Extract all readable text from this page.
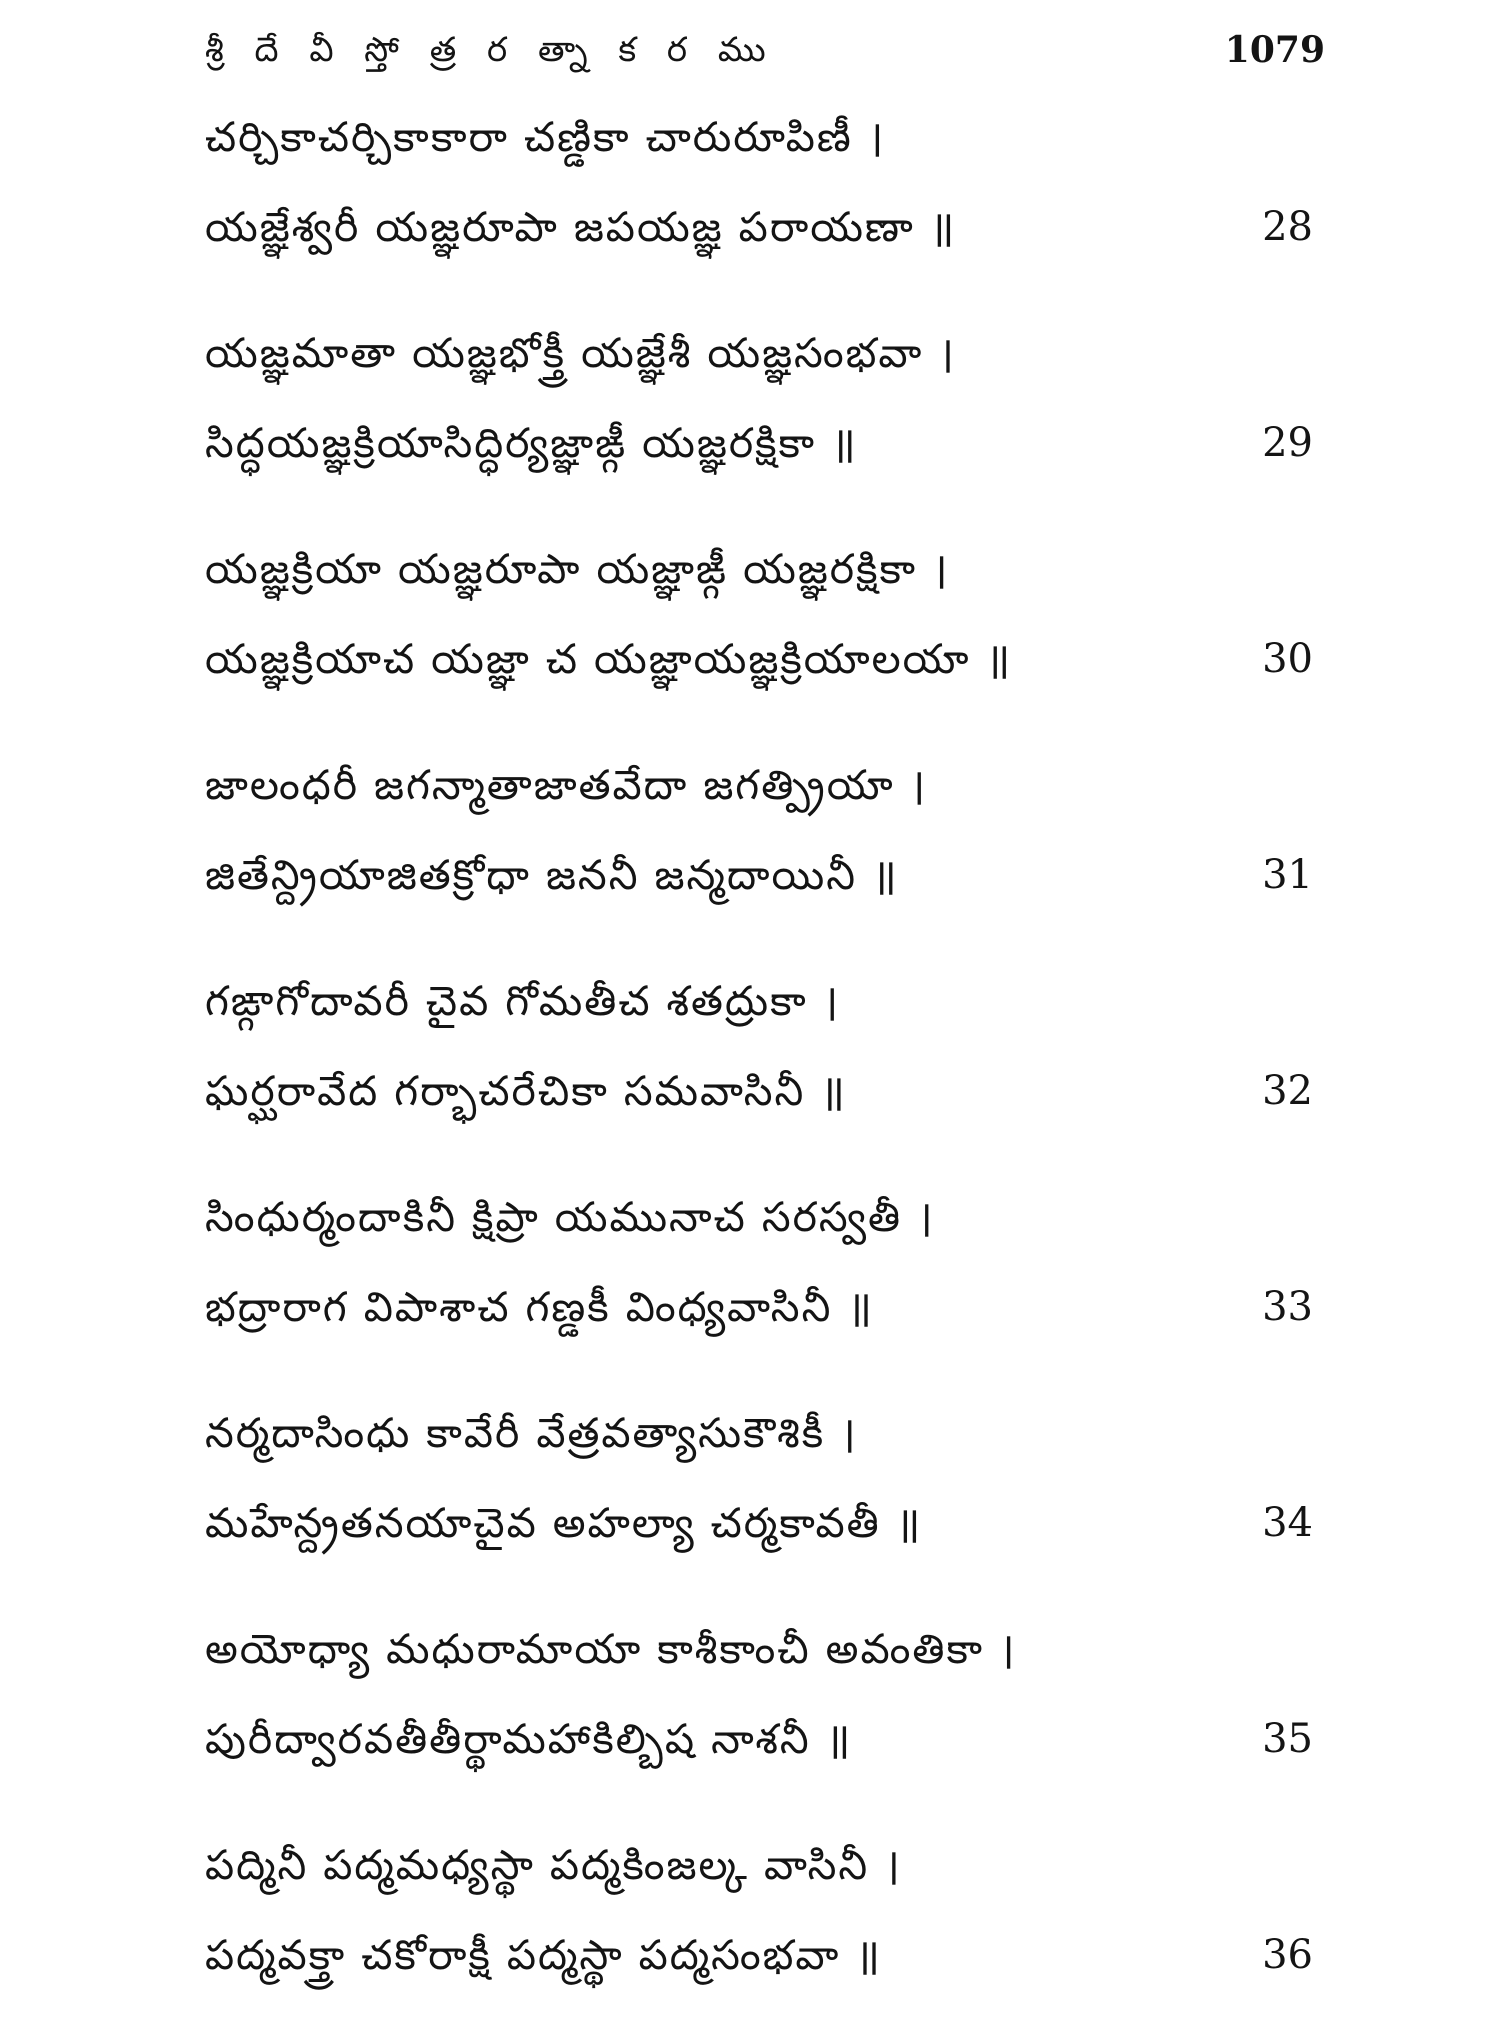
శ్రీ దే వీ స్తో త్ర ర త్నా క ర ము	1079
చర్చికాచర్చికాకారా చణ్డికా చారురూపిణీ ।
యజ్ఞేశ్వరీ యజ్ఞరూపా జపయజ్ఞ పరాయణా ॥	28
యజ్ఞమాతా యజ్ఞభోక్త్రీ యజ్ఞేశీ యజ్ఞసంభవా ।
సిద్ధయజ్ఞక్రియాసిద్ధిర్యజ్ఞాఙ్గీ యజ్ఞరక్షికా ॥	29
యజ్ఞక్రియా యజ్ఞరూపా యజ్ఞాఙ్గీ యజ్ఞరక్షికా ।
యజ్ఞక్రియాచ యజ్ఞా చ యజ్ఞాయజ్ఞక్రియాలయా ॥	30
జాలంధరీ జగన్మాతాజాతవేదా జగత్ప్రియా ।
జితేన్ద్రియాజితక్రోధా జననీ జన్మదాయినీ ॥	31
గఙ్గాగోదావరీ చైవ గోమతీచ శతద్రుకా ।
ఘర్ఘరావేద గర్భాచరేచికా సమవాసినీ ॥	32
సింధుర్మందాకినీ క్షిప్రా యమునాచ సరస్వతీ ।
భద్రారాగ విపాశాచ గణ్డకీ వింధ్యవాసినీ ॥	33
నర్మదాసింధు కావేరీ వేత్రవత్యాసుకౌశికీ ।
మహేన్ద్రతనయాచైవ అహల్యా చర్మకావతీ ॥	34
అయోధ్యా మధురామాయా కాశీకాంచీ అవంతికా ।
పురీద్వారవతీతీర్థామహాకిల్బిష నాశనీ ॥	35
పద్మినీ పద్మమధ్యస్థా పద్మకింజల్క వాసినీ ।
పద్మవక్త్రా చకోరాక్షీ పద్మస్థా పద్మసంభవా ॥	36
